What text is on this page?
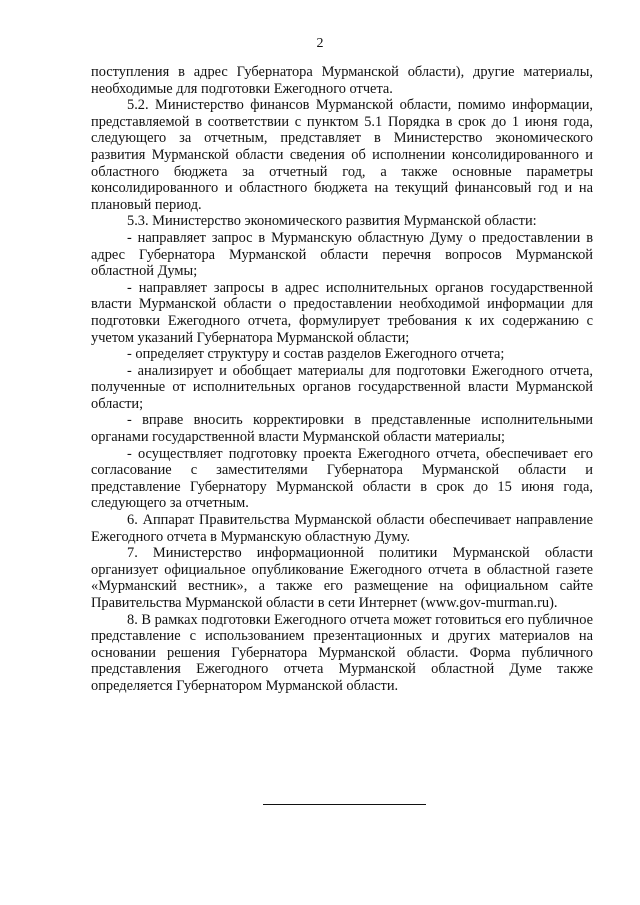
2

поступления в адрес Губернатора Мурманской области), другие материалы, необходимые для подготовки Ежегодного отчета.

5.2. Министерство финансов Мурманской области, помимо информации, представляемой в соответствии с пунктом 5.1 Порядка в срок до 1 июня года, следующего за отчетным, представляет в Министерство экономического развития Мурманской области сведения об исполнении консолидированного и областного бюджета за отчетный год, а также основные параметры консолидированного и областного бюджета на текущий финансовый год и на плановый период.

5.3. Министерство экономического развития Мурманской области:

- направляет запрос в Мурманскую областную Думу о предоставлении в адрес Губернатора Мурманской области перечня вопросов Мурманской областной Думы;

- направляет запросы в адрес исполнительных органов государственной власти Мурманской области о предоставлении необходимой информации для подготовки Ежегодного отчета, формулирует требования к их содержанию с учетом указаний Губернатора Мурманской области;

- определяет структуру и состав разделов Ежегодного отчета;

- анализирует и обобщает материалы для подготовки Ежегодного отчета, полученные от исполнительных органов государственной власти Мурманской области;

- вправе вносить корректировки в представленные исполнительными органами государственной власти Мурманской области материалы;

- осуществляет подготовку проекта Ежегодного отчета, обеспечивает его согласование с заместителями Губернатора Мурманской области и представление Губернатору Мурманской области в срок до 15 июня года, следующего за отчетным.

6. Аппарат Правительства Мурманской области обеспечивает направление Ежегодного отчета в Мурманскую областную Думу.

7. Министерство информационной политики Мурманской области организует официальное опубликование Ежегодного отчета в областной газете «Мурманский вестник», а также его размещение на официальном сайте Правительства Мурманской области в сети Интернет (www.gov-murman.ru).

8. В рамках подготовки Ежегодного отчета может готовиться его публичное представление с использованием презентационных и других материалов на основании решения Губернатора Мурманской области. Форма публичного представления Ежегодного отчета Мурманской областной Думе также определяется Губернатором Мурманской области.
